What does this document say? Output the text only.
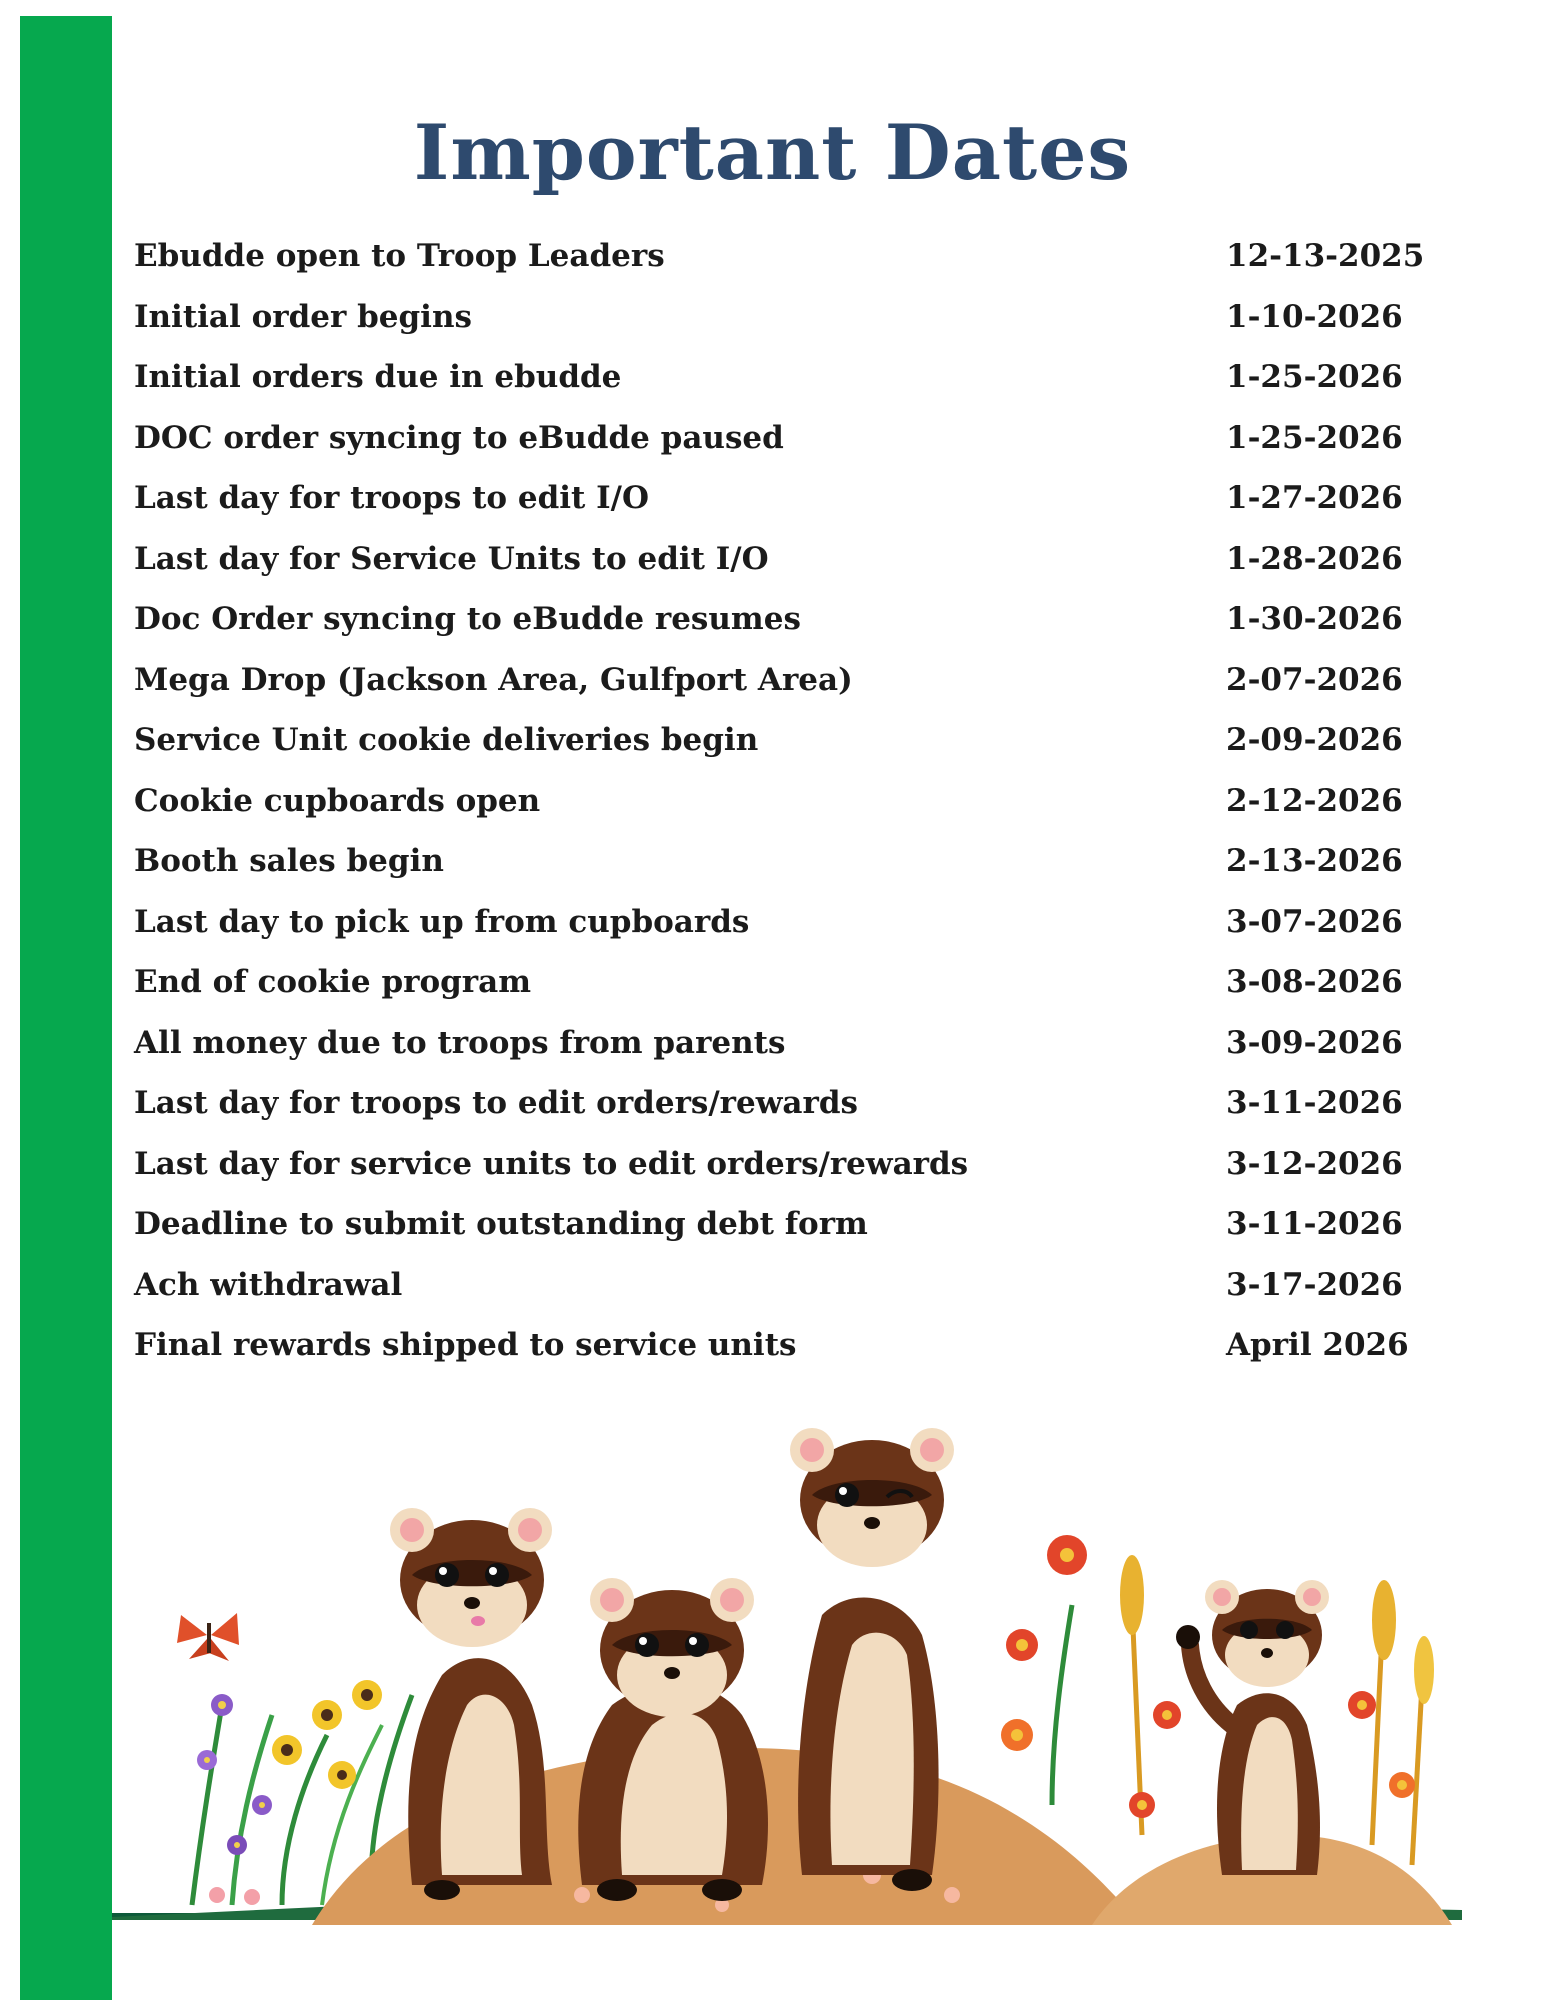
Important Dates
Ebudde open to Troop Leaders	12-13-2025
Initial order begins	1-10-2026
Initial orders due in ebudde	1-25-2026
DOC order syncing to eBudde paused	1-25-2026
Last day for troops to edit I/O	1-27-2026
Last day for Service Units to edit I/O	1-28-2026
Doc Order syncing to eBudde resumes	1-30-2026
Mega Drop (Jackson Area, Gulfport Area)	2-07-2026
Service Unit cookie deliveries begin	2-09-2026
Cookie cupboards open	2-12-2026
Booth sales begin	2-13-2026
Last day to pick up from cupboards	3-07-2026
End of cookie program	3-08-2026
All money due to troops from parents	3-09-2026
Last day for troops to edit orders/rewards	3-11-2026
Last day for service units to edit orders/rewards	3-12-2026
Deadline to submit outstanding debt form	3-11-2026
Ach withdrawal	3-17-2026
Final rewards shipped to service units	April 2026
